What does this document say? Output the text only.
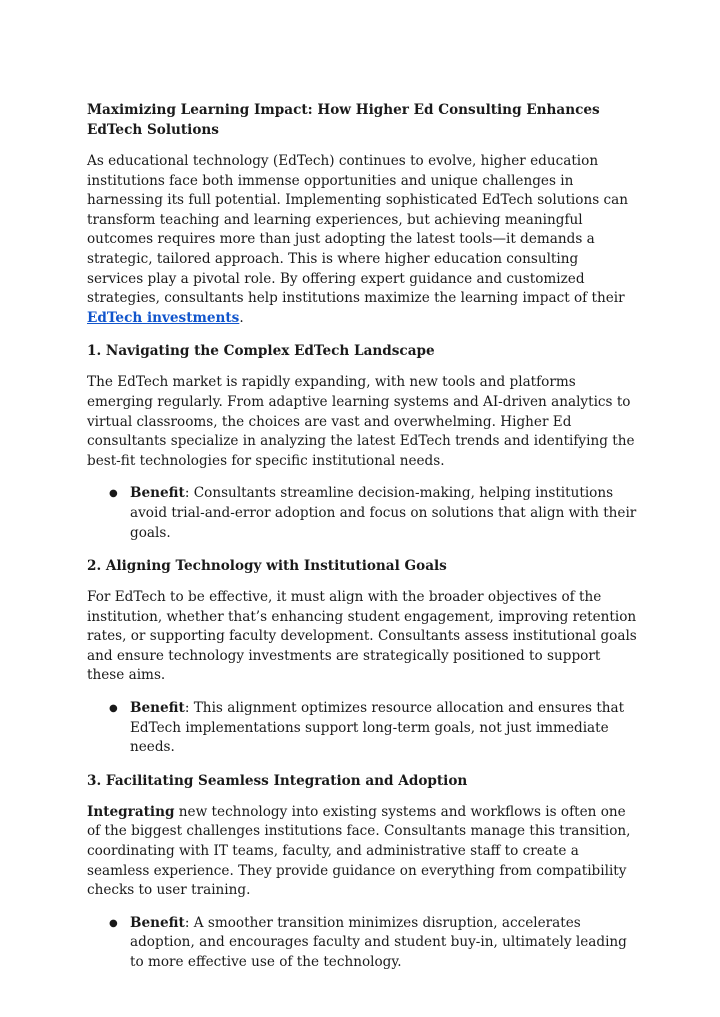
Maximizing Learning Impact: How Higher Ed Consulting Enhances EdTech Solutions

As educational technology (EdTech) continues to evolve, higher education institutions face both immense opportunities and unique challenges in harnessing its full potential. Implementing sophisticated EdTech solutions can transform teaching and learning experiences, but achieving meaningful outcomes requires more than just adopting the latest tools—it demands a strategic, tailored approach. This is where higher education consulting services play a pivotal role. By offering expert guidance and customized strategies, consultants help institutions maximize the learning impact of their EdTech investments.

1. Navigating the Complex EdTech Landscape

The EdTech market is rapidly expanding, with new tools and platforms emerging regularly. From adaptive learning systems and AI-driven analytics to virtual classrooms, the choices are vast and overwhelming. Higher Ed consultants specialize in analyzing the latest EdTech trends and identifying the best-fit technologies for specific institutional needs.

● Benefit: Consultants streamline decision-making, helping institutions avoid trial-and-error adoption and focus on solutions that align with their goals.
2. Aligning Technology with Institutional Goals

For EdTech to be effective, it must align with the broader objectives of the institution, whether that’s enhancing student engagement, improving retention rates, or supporting faculty development. Consultants assess institutional goals and ensure technology investments are strategically positioned to support these aims.

● Benefit: This alignment optimizes resource allocation and ensures that EdTech implementations support long-term goals, not just immediate needs.
3. Facilitating Seamless Integration and Adoption

Integrating new technology into existing systems and workflows is often one of the biggest challenges institutions face. Consultants manage this transition, coordinating with IT teams, faculty, and administrative staff to create a seamless experience. They provide guidance on everything from compatibility checks to user training.

● Benefit: A smoother transition minimizes disruption, accelerates adoption, and encourages faculty and student buy-in, ultimately leading to more effective use of the technology.
